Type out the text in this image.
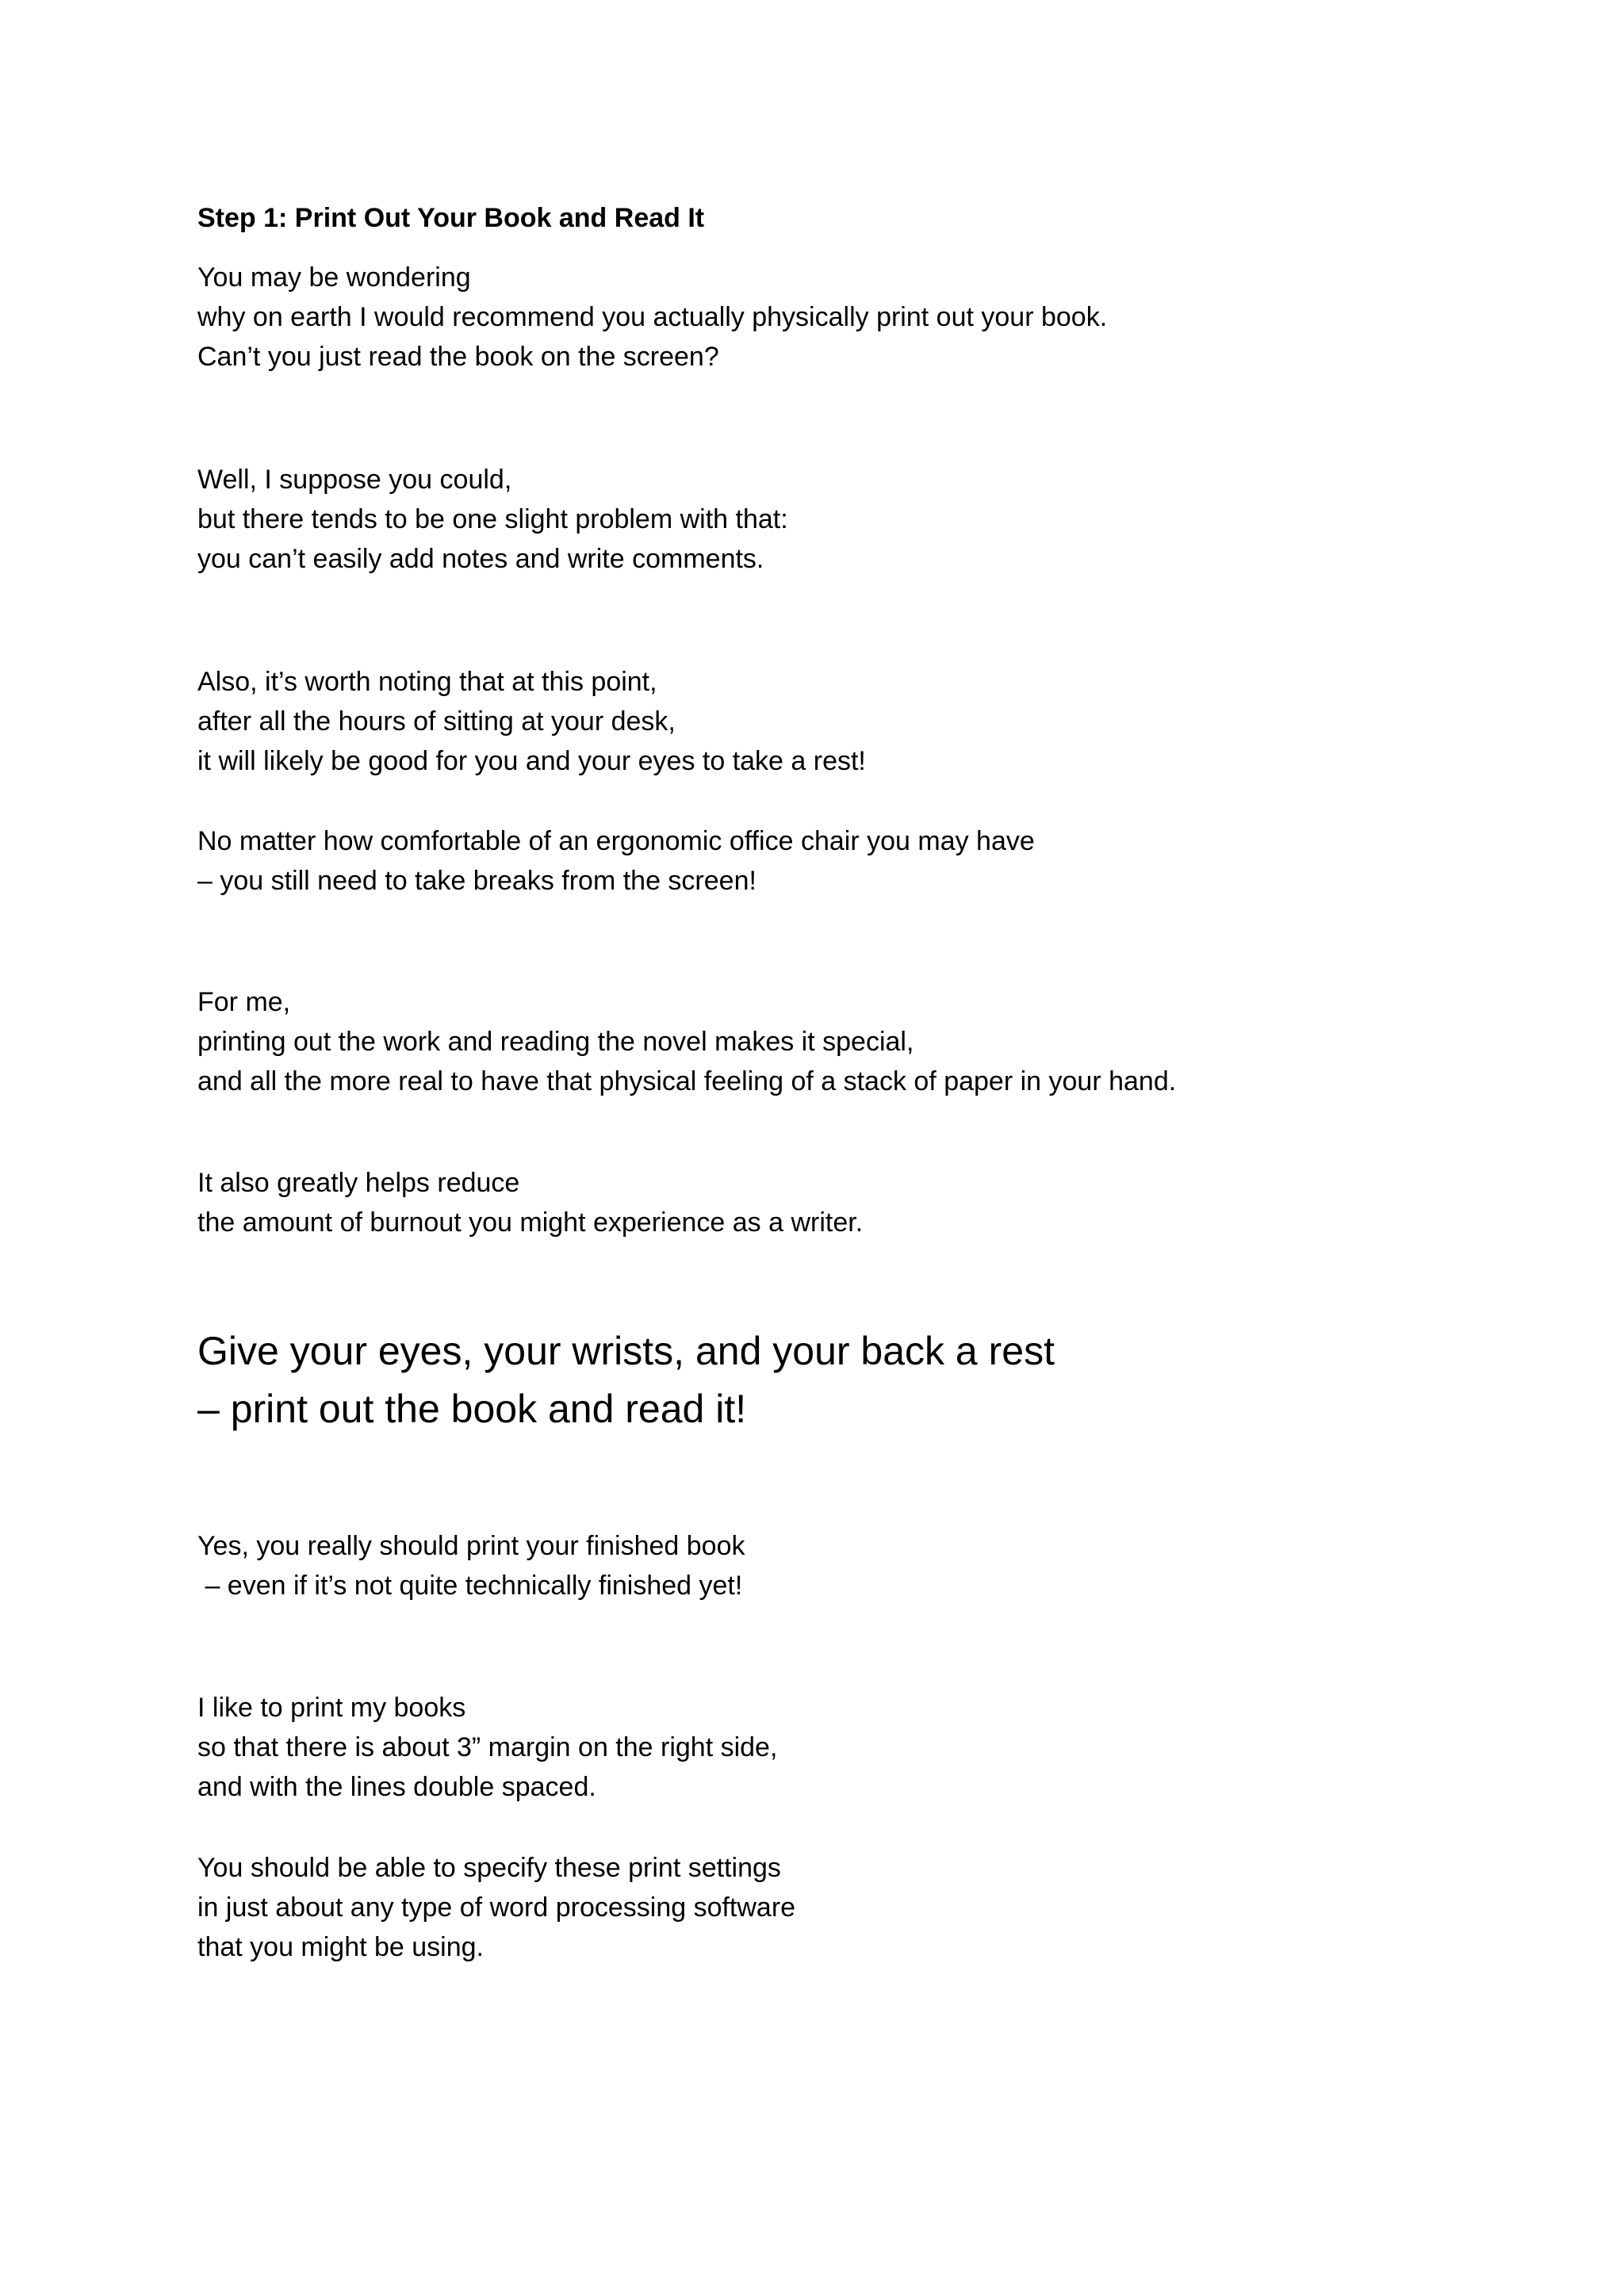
Step 1: Print Out Your Book and Read It

You may be wondering
why on earth I would recommend you actually physically print out your book.
Can’t you just read the book on the screen?

Well, I suppose you could,
but there tends to be one slight problem with that:
you can’t easily add notes and write comments.

Also, it’s worth noting that at this point,
after all the hours of sitting at your desk,
it will likely be good for you and your eyes to take a rest!

No matter how comfortable of an ergonomic office chair you may have
– you still need to take breaks from the screen!

For me,
printing out the work and reading the novel makes it special,
and all the more real to have that physical feeling of a stack of paper in your hand.

It also greatly helps reduce
the amount of burnout you might experience as a writer.

Give your eyes, your wrists, and your back a rest
– print out the book and read it!

Yes, you really should print your finished book
– even if it’s not quite technically finished yet!

I like to print my books
so that there is about 3” margin on the right side,
and with the lines double spaced.

You should be able to specify these print settings
in just about any type of word processing software
that you might be using.
